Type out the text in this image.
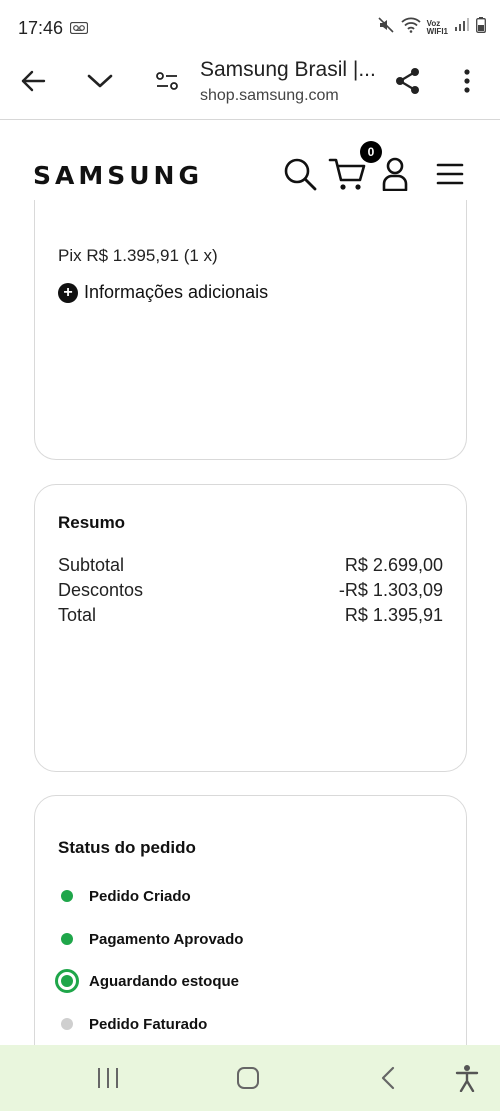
17:46	Voz
WIFI1
Samsung Brasil |...
shop.samsung.com
SAMSUNG
0
Pix R$ 1.395,91 (1 x)
+ Informações adicionais
Resumo
Subtotal	R$ 2.699,00
Descontos	-R$ 1.303,09
Total	R$ 1.395,91
Status do pedido
Pedido Criado
Pagamento Aprovado
Aguardando estoque
Pedido Faturado
